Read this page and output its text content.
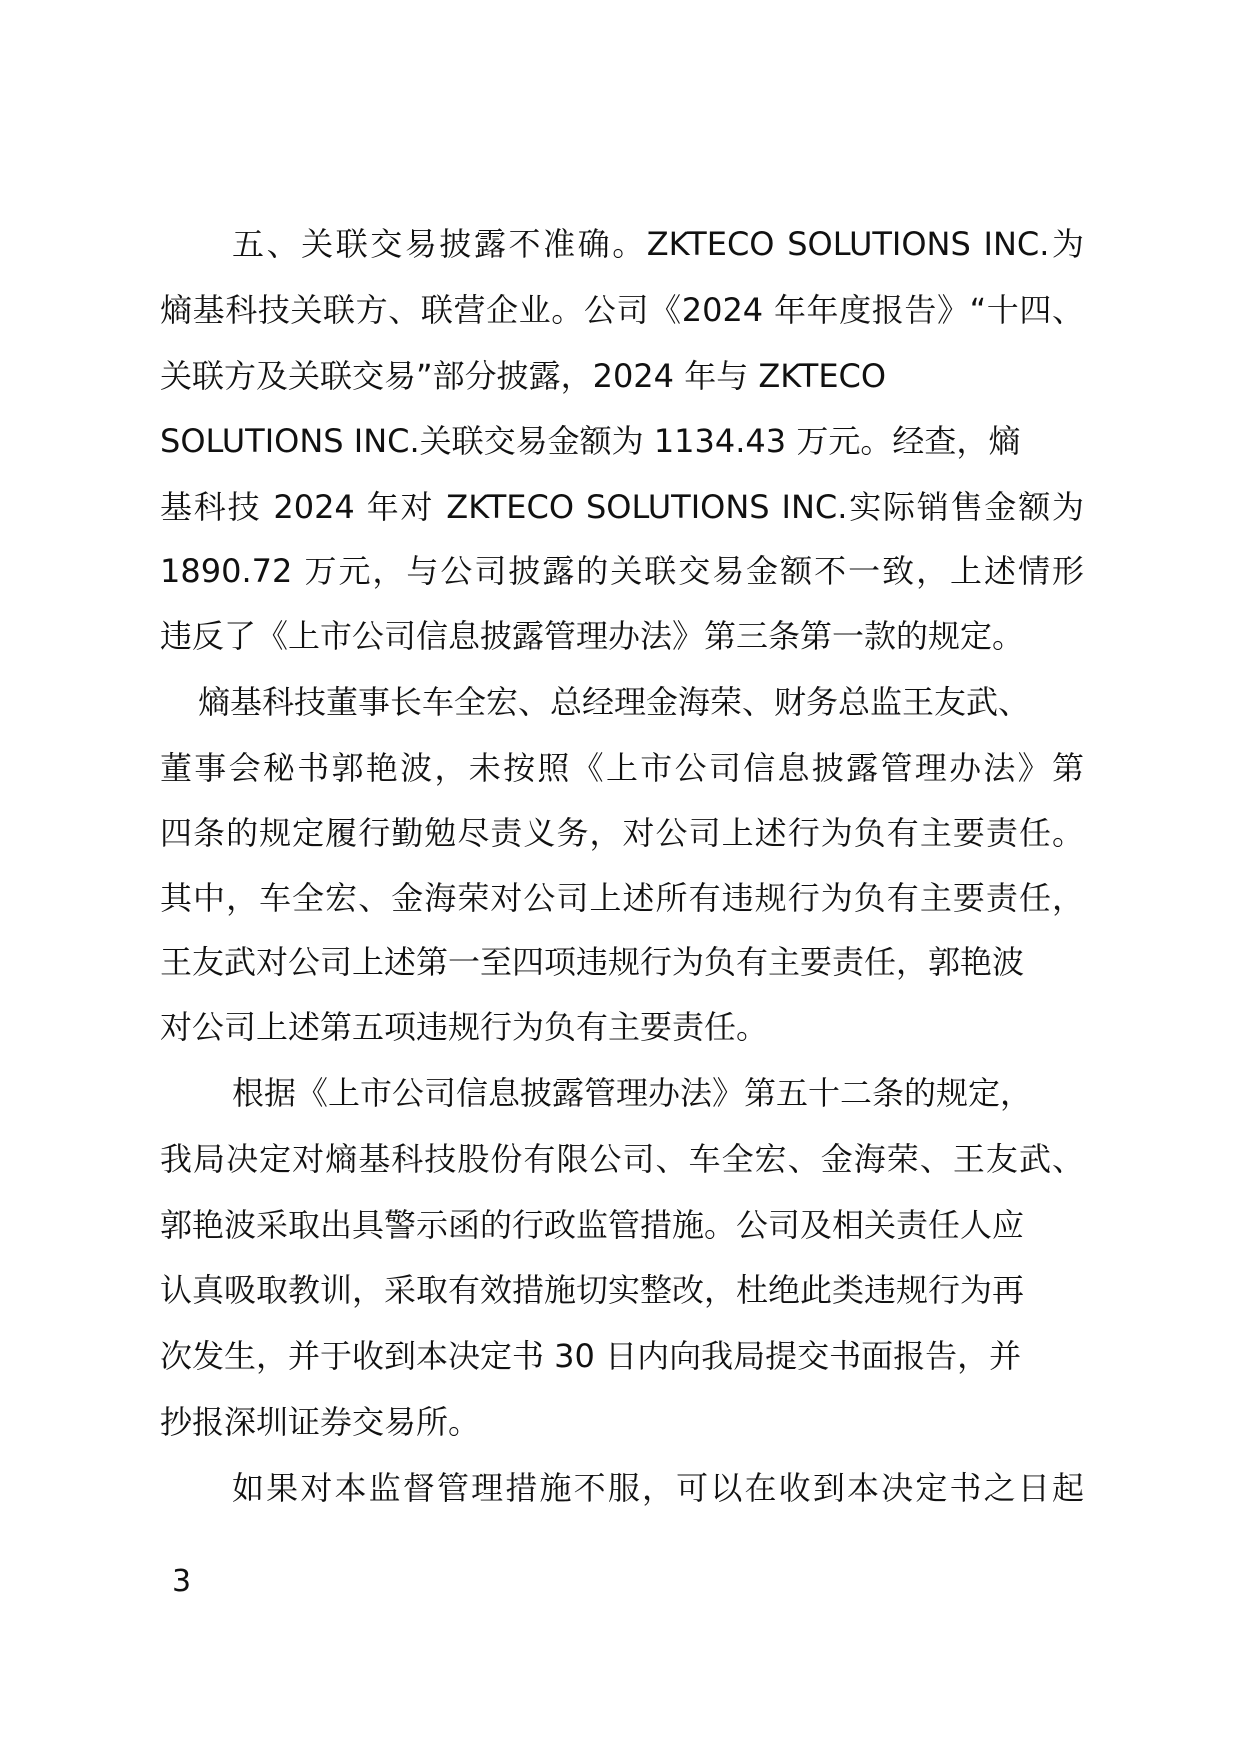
五、关联交易披露不准确。ZKTECO SOLUTIONS INC.为
熵基科技关联方、联营企业。公司《2024 年年度报告》“十四、
关联方及关联交易”部分披露，2024 年与 ZKTECO
SOLUTIONS INC.关联交易金额为 1134.43 万元。经查，熵
基科技 2024 年对 ZKTECO SOLUTIONS INC.实际销售金额为
1890.72 万元，与公司披露的关联交易金额不一致，上述情形
违反了《上市公司信息披露管理办法》第三条第一款的规定。
熵基科技董事长车全宏、总经理金海荣、财务总监王友武、
董事会秘书郭艳波，未按照《上市公司信息披露管理办法》第
四条的规定履行勤勉尽责义务，对公司上述行为负有主要责任。
其中，车全宏、金海荣对公司上述所有违规行为负有主要责任，
王友武对公司上述第一至四项违规行为负有主要责任，郭艳波
对公司上述第五项违规行为负有主要责任。
根据《上市公司信息披露管理办法》第五十二条的规定，
我局决定对熵基科技股份有限公司、车全宏、金海荣、王友武、
郭艳波采取出具警示函的行政监管措施。公司及相关责任人应
认真吸取教训，采取有效措施切实整改，杜绝此类违规行为再
次发生，并于收到本决定书 30 日内向我局提交书面报告，并
抄报深圳证券交易所。
如果对本监督管理措施不服，可以在收到本决定书之日起
3
